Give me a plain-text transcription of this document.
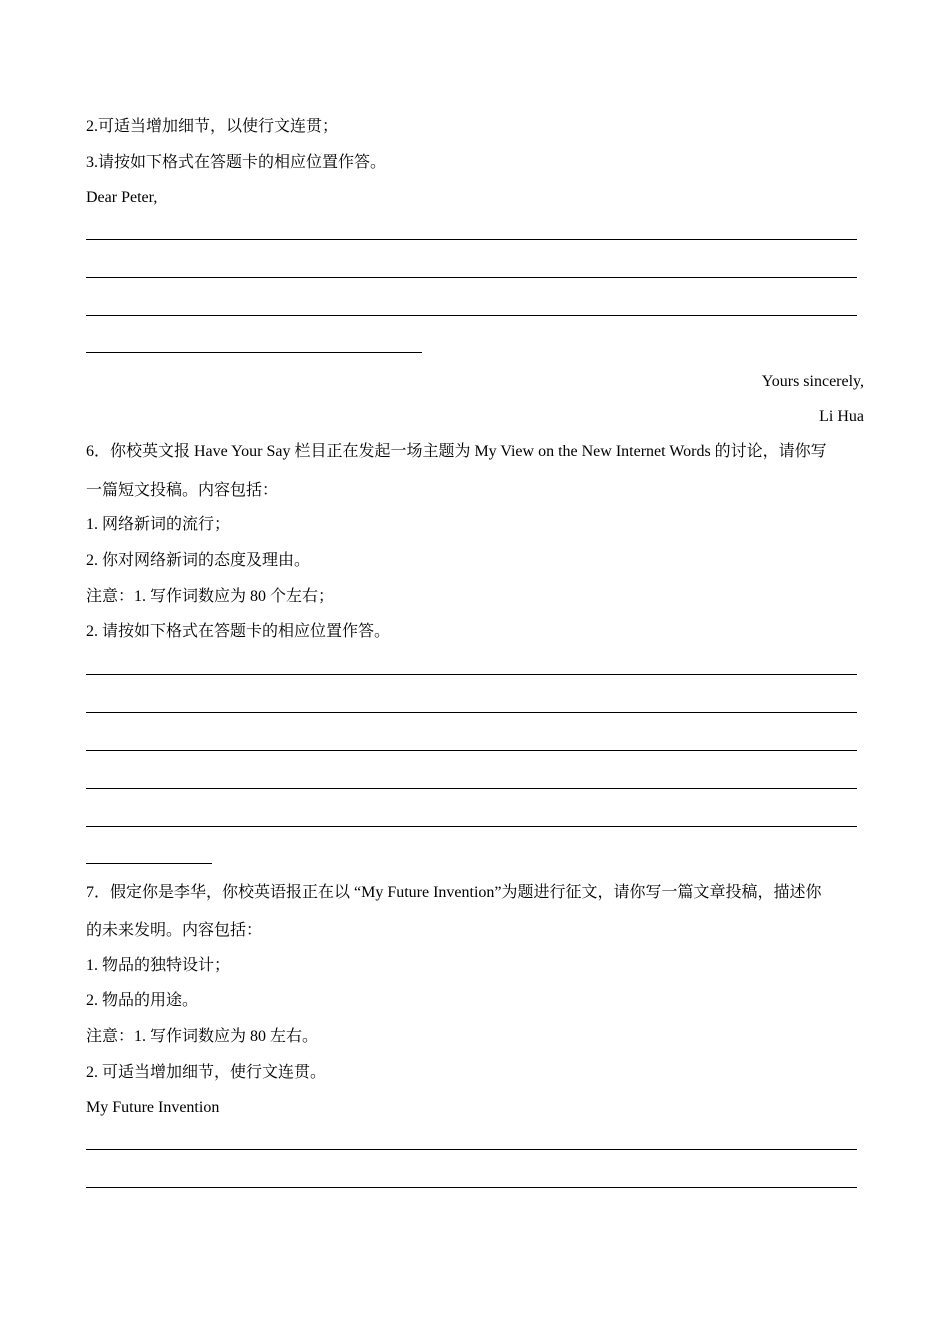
2.可适当增加细节，以使行文连贯；
3.请按如下格式在答题卡的相应位置作答。
Dear Peter,
Yours sincerely,
Li Hua
6．你校英文报 Have Your Say 栏目正在发起一场主题为 My View on the New Internet Words 的讨论，请你写
一篇短文投稿。内容包括：
1. 网络新词的流行；
2. 你对网络新词的态度及理由。
注意：1. 写作词数应为 80 个左右；
2. 请按如下格式在答题卡的相应位置作答。
7．假定你是李华，你校英语报正在以 “My Future Invention”为题进行征文，请你写一篇文章投稿，描述你
的未来发明。内容包括：
1. 物品的独特设计；
2. 物品的用途。
注意：1. 写作词数应为 80 左右。
2. 可适当增加细节，使行文连贯。
My Future Invention
